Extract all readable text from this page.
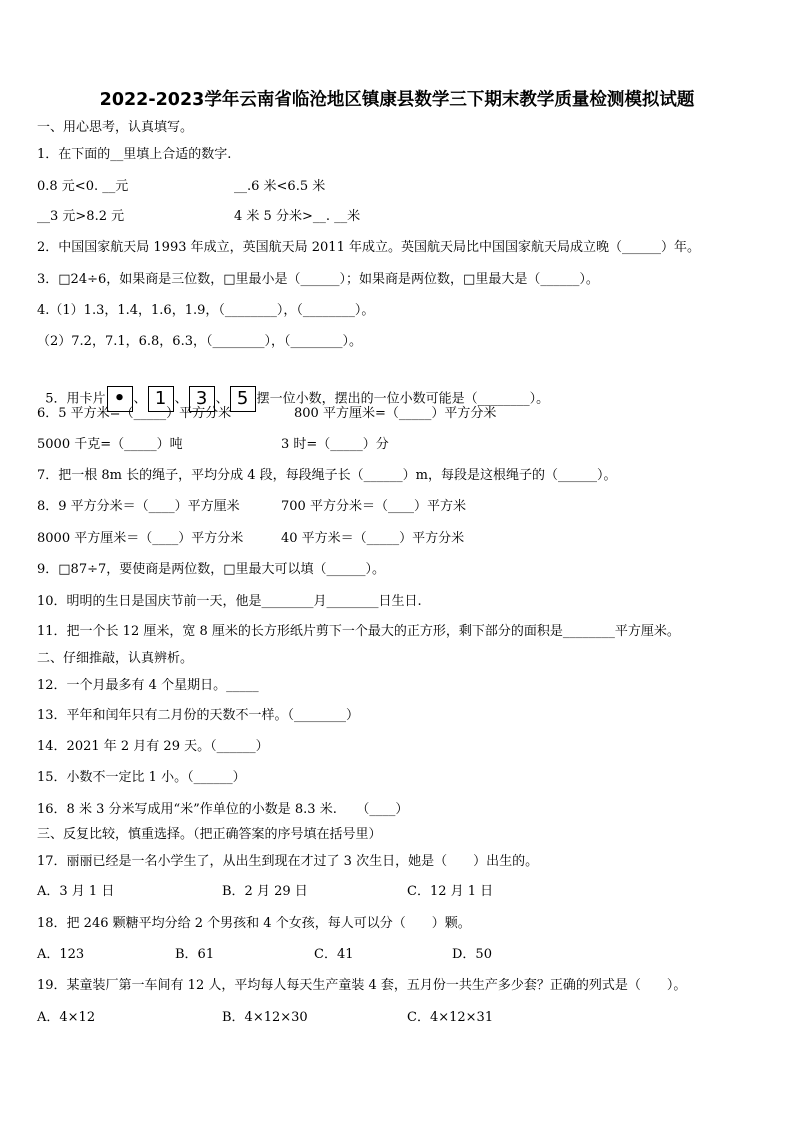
2022-2023学年云南省临沧地区镇康县数学三下期末教学质量检测模拟试题
一、用心思考，认真填写。
1．在下面的__里填上合适的数字.
0.8 元<0. __元	__.6 米<6.5 米
__3 元>8.2 元	4 米 5 分米>__. __米
2．中国国家航天局 1993 年成立，英国航天局 2011 年成立。英国航天局比中国国家航天局成立晚（______）年。
3．□24÷6，如果商是三位数，□里最小是（______）；如果商是两位数，□里最大是（______）。
4.（1）1.3，1.4，1.6，1.9，（________），（________）。
（2）7.2，7.1，6.8，6.3，（________），（________）。

5．用卡片 • 、 1 、 3 、 5 摆一位小数，摆出的一位小数可能是（________）。

6．5 平方米=（_____）平方分米	800 平方厘米=（_____）平方分米
5000 千克=（_____）吨	3 时=（_____）分
7．把一根 8m 长的绳子，平均分成 4 段，每段绳子长（______）m，每段是这根绳子的（______）。
8．9 平方分米＝（____）平方厘米	700 平方分米＝（____）平方米
8000 平方厘米＝（____）平方分米	40 平方米＝（_____）平方分米
9．□87÷7，要使商是两位数，□里最大可以填（______）。
10．明明的生日是国庆节前一天，他是________月________日生日.
11．把一个长 12 厘米，宽 8 厘米的长方形纸片剪下一个最大的正方形，剩下部分的面积是________平方厘米。
二、仔细推敲，认真辨析。
12．一个月最多有 4 个星期日。_____
13．平年和闰年只有二月份的天数不一样。（________）
14．2021 年 2 月有 29 天。（______）
15．小数不一定比 1 小。（______）
16．8 米 3 分米写成用“米”作单位的小数是 8.3 米.　　（____）
三、反复比较，慎重选择。（把正确答案的序号填在括号里）
17．丽丽已经是一名小学生了，从出生到现在才过了 3 次生日，她是（　　）出生的。
A．3 月 1 日	B．2 月 29 日	C．12 月 1 日
18．把 246 颗糖平均分给 2 个男孩和 4 个女孩，每人可以分（　　）颗。
A．123	B．61	C．41	D．50
19．某童装厂第一车间有 12 人，平均每人每天生产童装 4 套，五月份一共生产多少套？正确的列式是（　　）。
A．4×12	B．4×12×30	C．4×12×31
